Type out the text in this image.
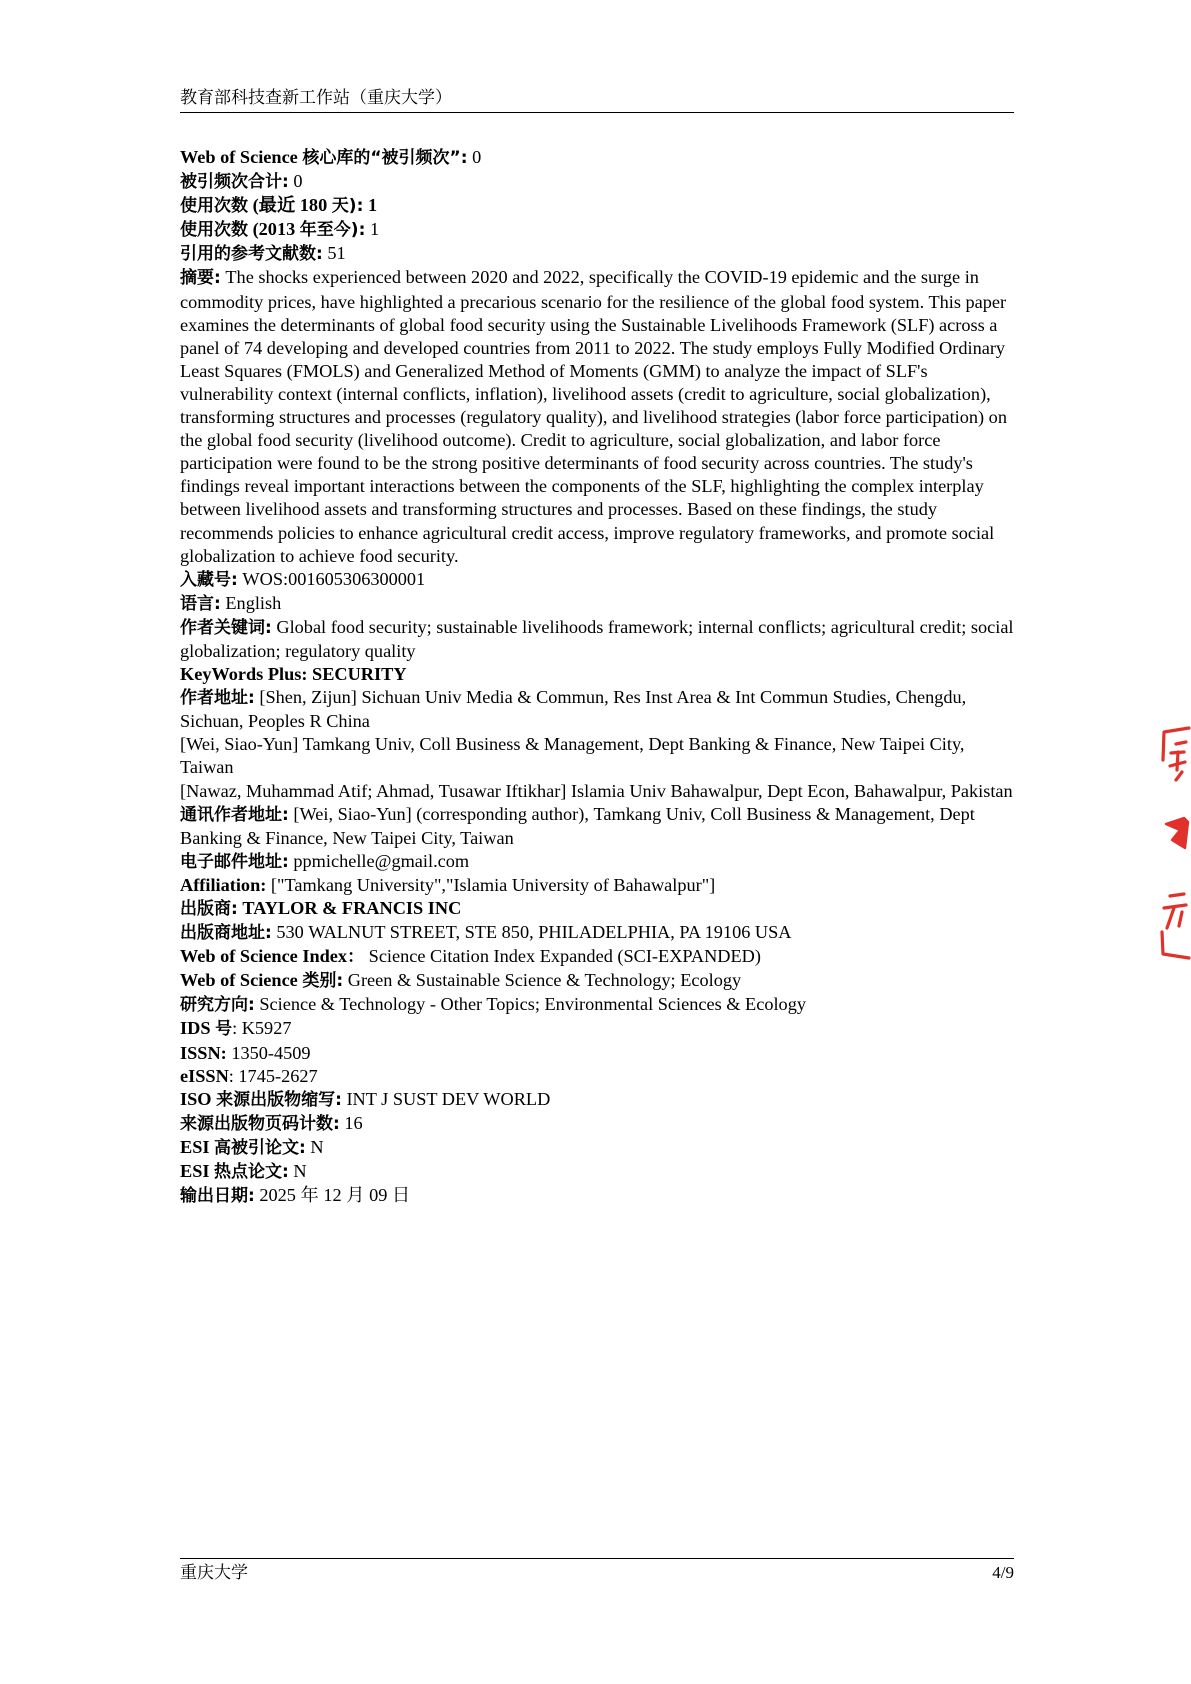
教育部科技查新工作站（重庆大学）

Web of Science 核心库的“被引频次”: 0

被引频次合计: 0

使用次数 (最近 180 天): 1

使用次数 (2013 年至今): 1

引用的参考文献数: 51

摘要: The shocks experienced between 2020 and 2022, specifically the COVID-19 epidemic and the surge in commodity prices, have highlighted a precarious scenario for the resilience of the global food system. This paper examines the determinants of global food security using the Sustainable Livelihoods Framework (SLF) across a panel of 74 developing and developed countries from 2011 to 2022. The study employs Fully Modified Ordinary Least Squares (FMOLS) and Generalized Method of Moments (GMM) to analyze the impact of SLF's vulnerability context (internal conflicts, inflation), livelihood assets (credit to agriculture, social globalization), transforming structures and processes (regulatory quality), and livelihood strategies (labor force participation) on the global food security (livelihood outcome). Credit to agriculture, social globalization, and labor force participation were found to be the strong positive determinants of food security across countries. The study's findings reveal important interactions between the components of the SLF, highlighting the complex interplay between livelihood assets and transforming structures and processes. Based on these findings, the study recommends policies to enhance agricultural credit access, improve regulatory frameworks, and promote social globalization to achieve food security.

入藏号: WOS:001605306300001

语言: English

作者关键词: Global food security; sustainable livelihoods framework; internal conflicts; agricultural credit; social globalization; regulatory quality

KeyWords Plus: SECURITY

作者地址: [Shen, Zijun] Sichuan Univ Media & Commun, Res Inst Area & Int Commun Studies, Chengdu, Sichuan, Peoples R China
[Wei, Siao-Yun] Tamkang Univ, Coll Business & Management, Dept Banking & Finance, New Taipei City, Taiwan
[Nawaz, Muhammad Atif; Ahmad, Tusawar Iftikhar] Islamia Univ Bahawalpur, Dept Econ, Bahawalpur, Pakistan

通讯作者地址: [Wei, Siao-Yun] (corresponding author), Tamkang Univ, Coll Business & Management, Dept Banking & Finance, New Taipei City, Taiwan

电子邮件地址: ppmichelle@gmail.com

Affiliation: ["Tamkang University","Islamia University of Bahawalpur"]

出版商: TAYLOR & FRANCIS INC

出版商地址: 530 WALNUT STREET, STE 850, PHILADELPHIA, PA 19106 USA

Web of Science Index： Science Citation Index Expanded (SCI-EXPANDED)

Web of Science 类别: Green & Sustainable Science & Technology; Ecology

研究方向: Science & Technology - Other Topics; Environmental Sciences & Ecology

IDS 号: K5927

ISSN: 1350-4509

eISSN: 1745-2627

ISO 来源出版物缩写: INT J SUST DEV WORLD

来源出版物页码计数: 16

ESI 高被引论文: N

ESI 热点论文: N

输出日期: 2025 年 12 月 09 日

重庆大学	4/9
